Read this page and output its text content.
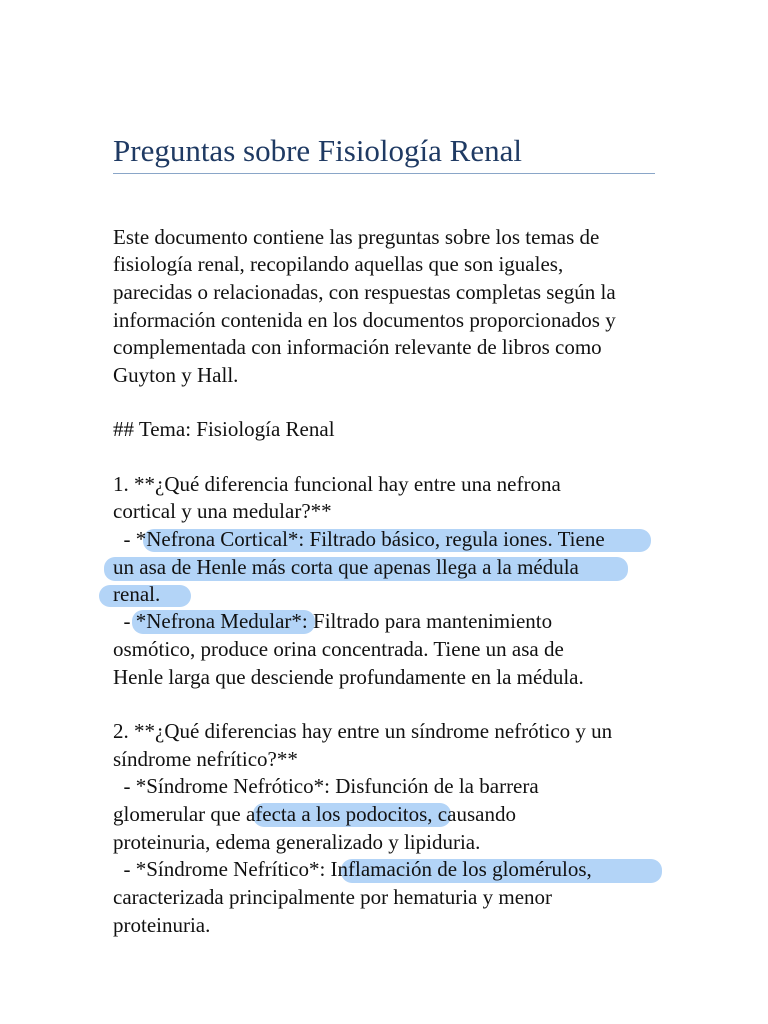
Preguntas sobre Fisiología Renal

Este documento contiene las preguntas sobre los temas de

fisiología renal, recopilando aquellas que son iguales,

parecidas o relacionadas, con respuestas completas según la

información contenida en los documentos proporcionados y

complementada con información relevante de libros como

Guyton y Hall.

## Tema: Fisiología Renal

1. **¿Qué diferencia funcional hay entre una nefrona

cortical y una medular?**

- *Nefrona Cortical*: Filtrado básico, regula iones. Tiene

un asa de Henle más corta que apenas llega a la médula

renal.

- *Nefrona Medular*: Filtrado para mantenimiento

osmótico, produce orina concentrada. Tiene un asa de

Henle larga que desciende profundamente en la médula.

2. **¿Qué diferencias hay entre un síndrome nefrótico y un

síndrome nefrítico?**

- *Síndrome Nefrótico*: Disfunción de la barrera

glomerular que afecta a los podocitos, causando

proteinuria, edema generalizado y lipiduria.

- *Síndrome Nefrítico*: Inflamación de los glomérulos,

caracterizada principalmente por hematuria y menor

proteinuria.
